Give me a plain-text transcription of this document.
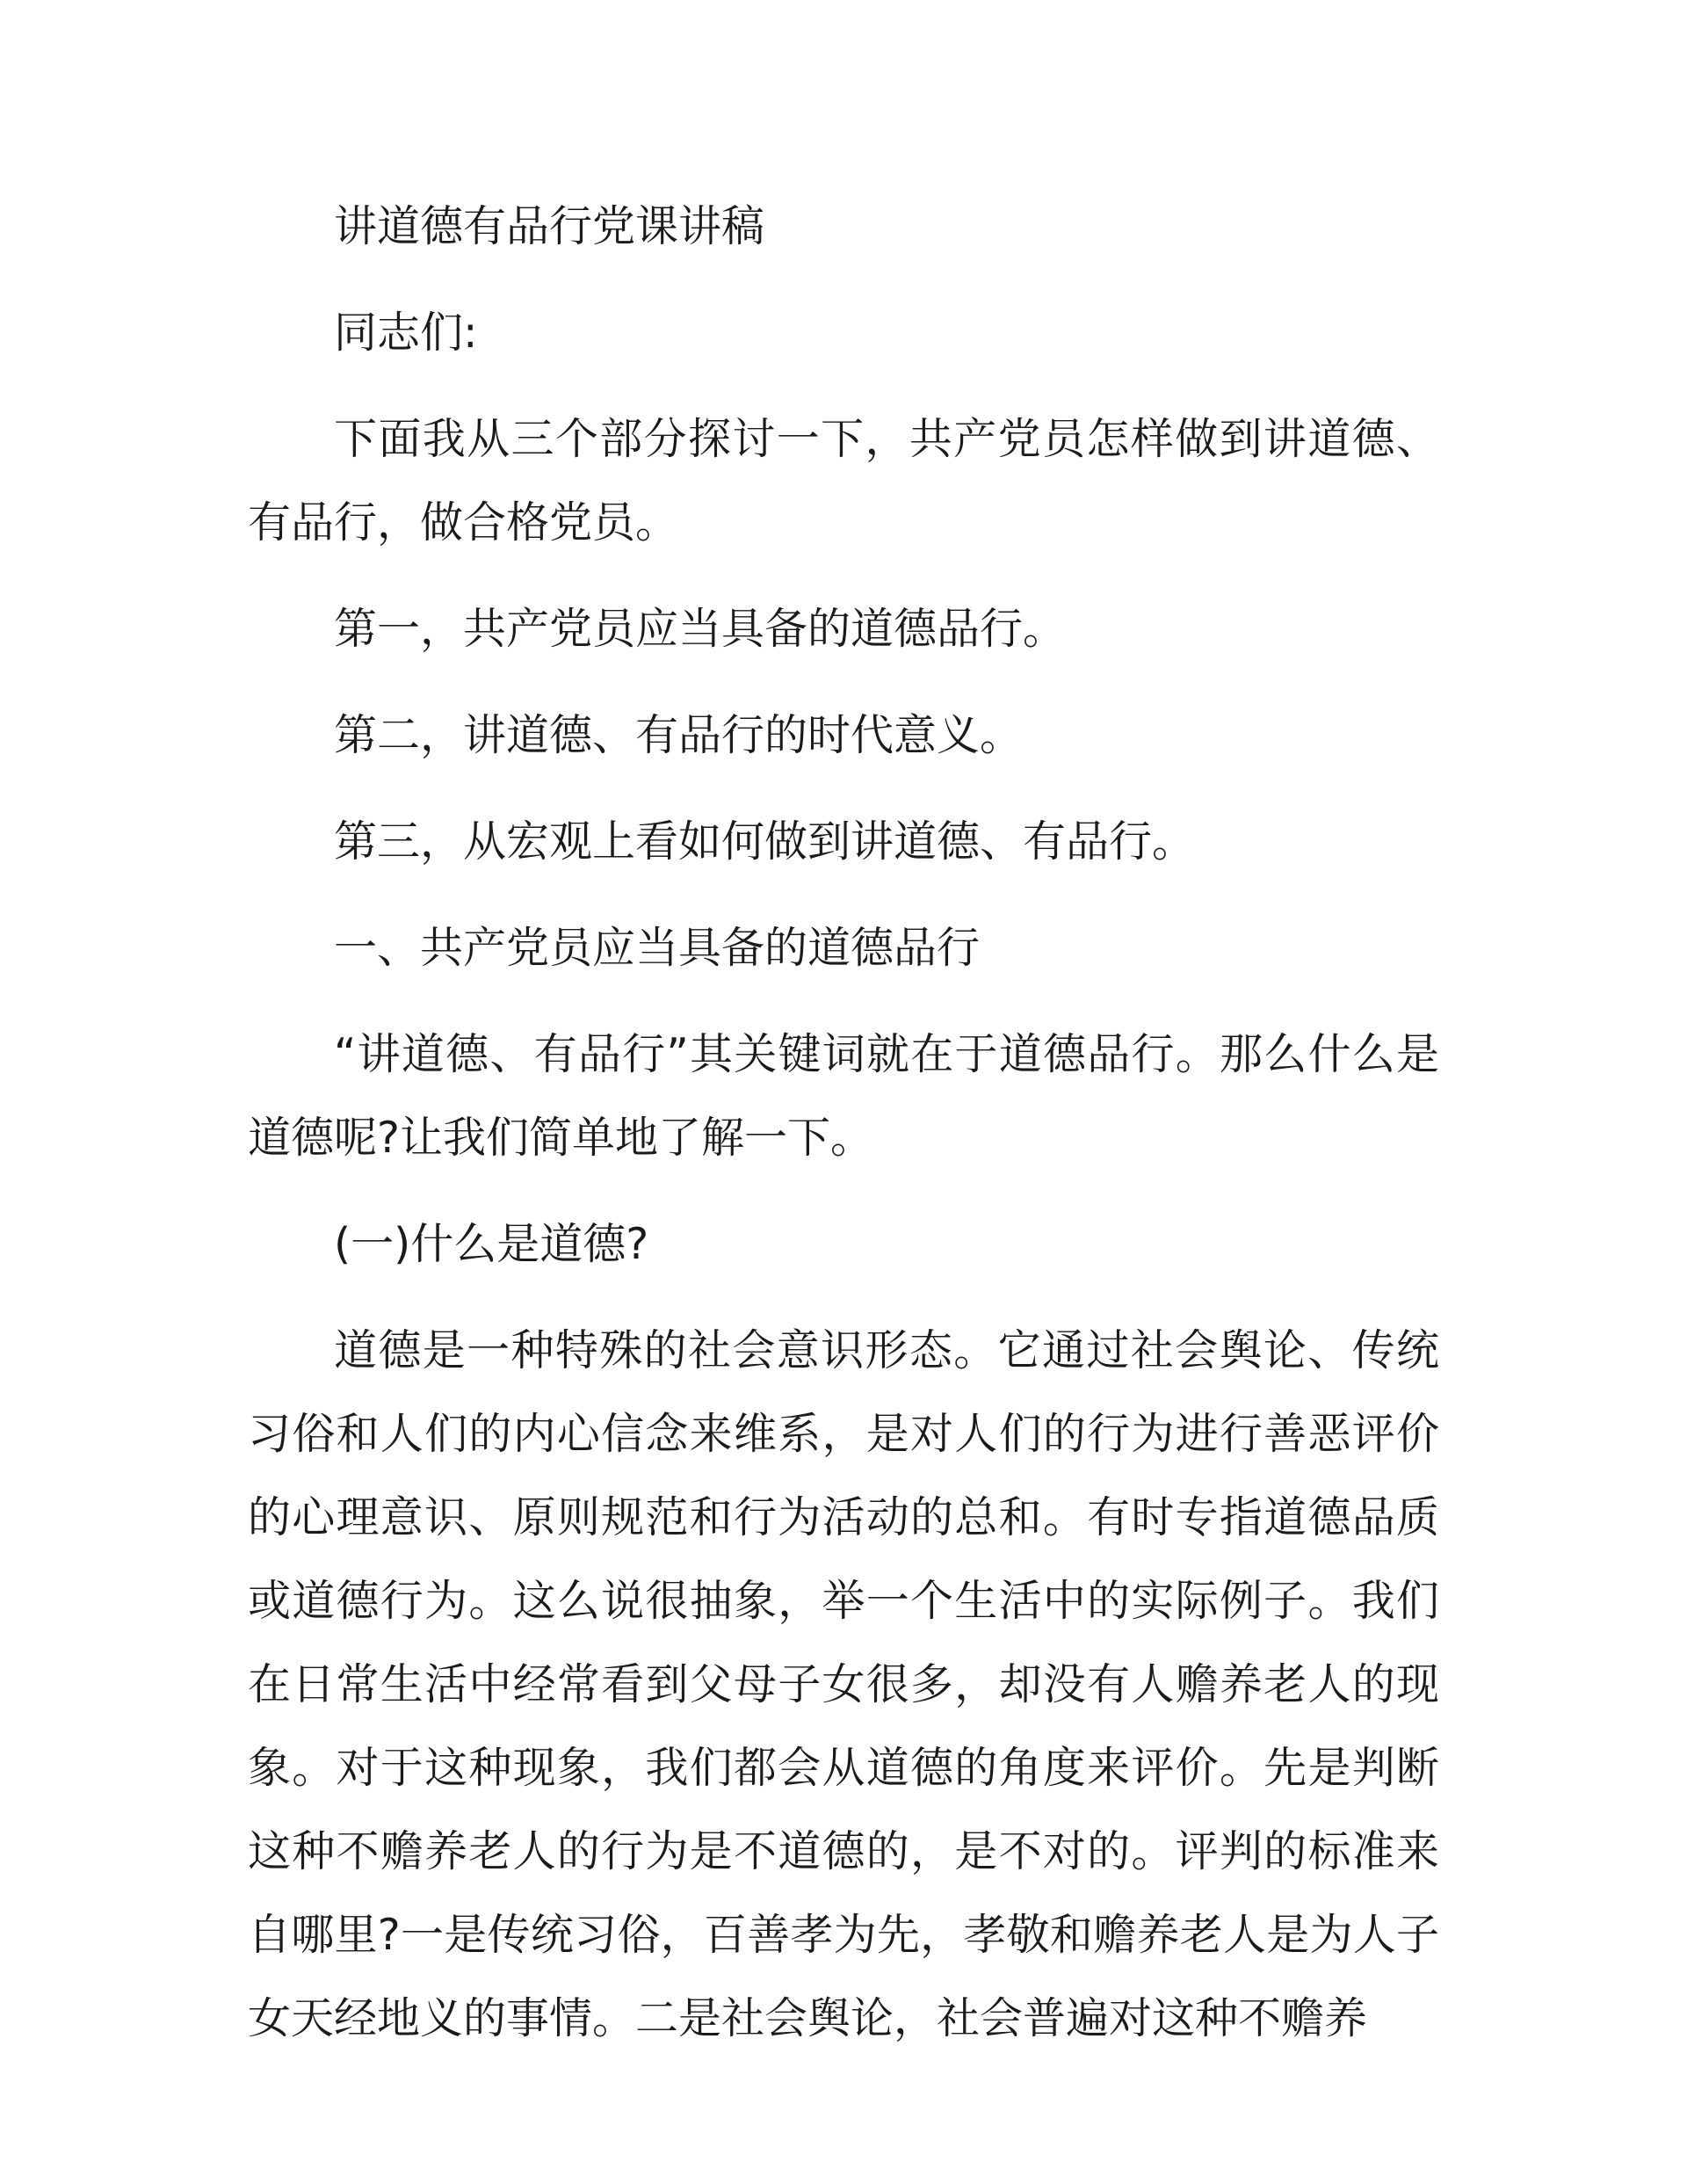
讲道德有品行党课讲稿

同志们:

下面我从三个部分探讨一下，共产党员怎样做到讲道德、有品行，做合格党员。

第一，共产党员应当具备的道德品行。

第二，讲道德、有品行的时代意义。

第三，从宏观上看如何做到讲道德、有品行。

一、共产党员应当具备的道德品行

“讲道德、有品行”其关键词就在于道德品行。那么什么是道德呢?让我们简单地了解一下。

(一)什么是道德?

道德是一种特殊的社会意识形态。它通过社会舆论、传统习俗和人们的内心信念来维系，是对人们的行为进行善恶评价的心理意识、原则规范和行为活动的总和。有时专指道德品质或道德行为。这么说很抽象，举一个生活中的实际例子。我们在日常生活中经常看到父母子女很多，却没有人赡养老人的现象。对于这种现象，我们都会从道德的角度来评价。先是判断这种不赡养老人的行为是不道德的，是不对的。评判的标准来自哪里?一是传统习俗，百善孝为先，孝敬和赡养老人是为人子女天经地义的事情。二是社会舆论，社会普遍对这种不赡养
